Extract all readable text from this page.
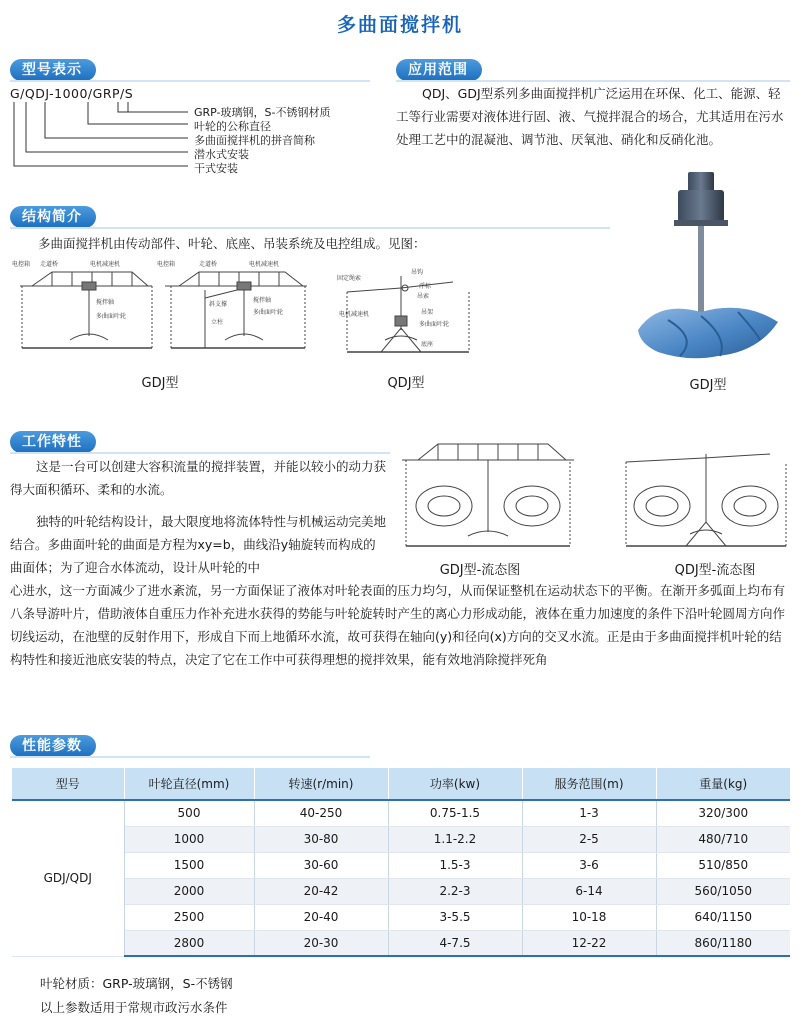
多曲面搅拌机
型号表示
G/QDJ-1000/GRP/S
GRP-玻璃钢，S-不锈钢材质
叶轮的公称直径
多曲面搅拌机的拼音简称
潜水式安装
干式安装
应用范围
QDJ、GDJ型系列多曲面搅拌机广泛运用在环保、化工、能源、轻工等行业需要对液体进行固、液、气搅拌混合的场合，尤其适用在污水处理工艺中的混凝池、调节池、厌氧池、硝化和反硝化池。
结构简介
多曲面搅拌机由传动部件、叶轮、底座、吊装系统及电控组成。见图：
电控箱 走道桥	电机减速机
搅拌轴
多曲面叶轮
电控箱	走道桥	电机减速机
斜支撑
搅拌轴
立柱
多曲面叶轮
固定绳索
吊钩
浮标
吊索
电机减速机	吊架
多曲面叶轮
底座
GDJ型	QDJ型	GDJ型
工作特性
这是一台可以创建大容积流量的搅拌装置，并能以较小的动力获得大面积循环、柔和的水流。
独特的叶轮结构设计，最大限度地将流体特性与机械运动完美地结合。多曲面叶轮的曲面是方程为xy=b，曲线沿y轴旋转而构成的曲面体；为了迎合水体流动，设计从叶轮的中
心进水，这一方面减少了进水紊流，另一方面保证了液体对叶轮表面的压力均匀，从而保证整机在运动状态下的平衡。在渐开多弧面上均布有八条导游叶片，借助液体自重压力作补充进水获得的势能与叶轮旋转时产生的离心力形成动能，液体在重力加速度的条件下沿叶轮圆周方向作切线运动，在池壁的反射作用下，形成自下而上地循环水流，故可获得在轴向(y)和径向(x)方向的交叉水流。正是由于多曲面搅拌机叶轮的结构特性和接近池底安装的特点，决定了它在工作中可获得理想的搅拌效果，能有效地消除搅拌死角
GDJ型-流态图	QDJ型-流态图
性能参数
型号	叶轮直径(mm)	转速(r/min)	功率(kw)	服务范围(m)	重量(kg)
GDJ/QDJ	500	40-250	0.75-1.5	1-3	320/300
	1000	30-80	1.1-2.2	2-5	480/710
	1500	30-60	1.5-3	3-6	510/850
	2000	20-42	2.2-3	6-14	560/1050
	2500	20-40	3-5.5	10-18	640/1150
	2800	20-30	4-7.5	12-22	860/1180
叶轮材质：GRP-玻璃钢，S-不锈钢
以上参数适用于常规市政污水条件
